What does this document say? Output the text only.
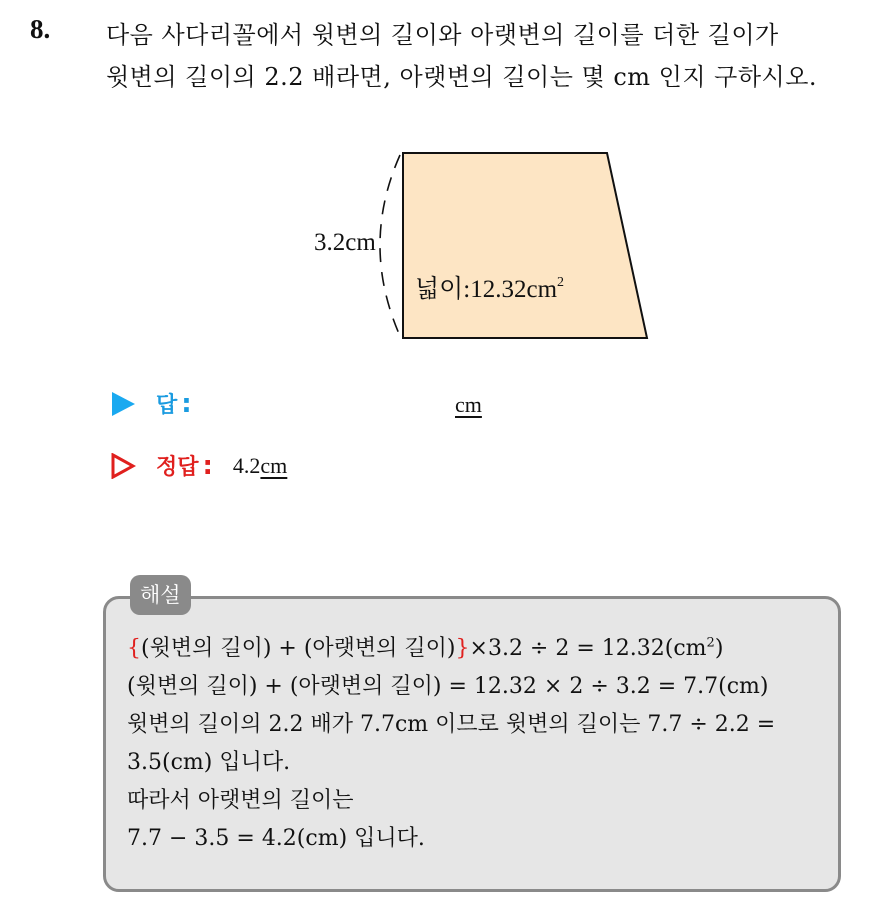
8. 다음 사다리꼴에서 윗변의 길이와 아랫변의 길이를 더한 길이가
윗변의 길이의 2.2 배라면, 아랫변의 길이는 몇 cm 인지 구하시오.
3.2cm
넓이$:12.32cm^2$
답 :	cm
정답 : 4.2 cm
해설
{(윗변의 길이) + (아랫변의 길이)}$\times 3.2 \div 2 = 12.32(cm^2)$
(윗변의 길이) + (아랫변의 길이) = 12.32 × 2 ÷ 3.2 = 7.7(cm)
윗변의 길이의 2.2 배가 7.7cm 이므로 윗변의 길이는 7.7 ÷ 2.2 =
3.5(cm) 입니다.
따라서 아랫변의 길이는
7.7 − 3.5 = 4.2(cm) 입니다.
